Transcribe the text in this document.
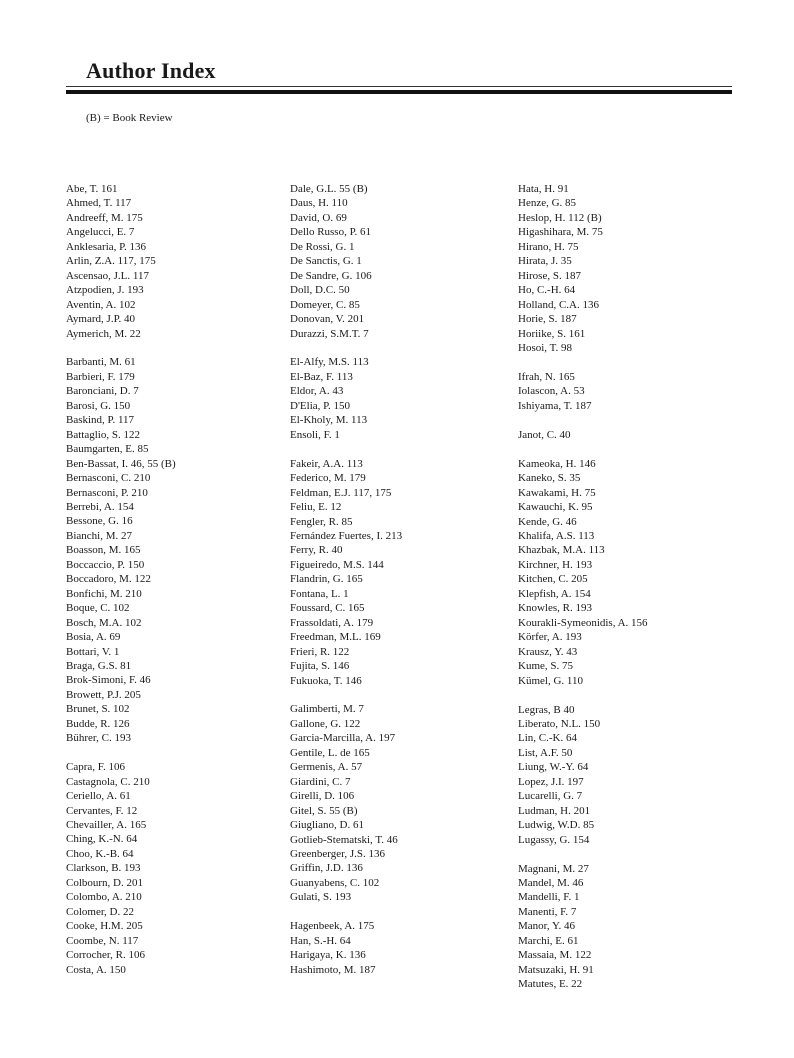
Author Index
(B) = Book Review
Abe, T. 161
Ahmed, T. 117
Andreeff, M. 175
Angelucci, E. 7
Anklesaria, P. 136
Arlin, Z.A. 117, 175
Ascensao, J.L. 117
Atzpodien, J. 193
Aventin, A. 102
Aymard, J.P. 40
Aymerich, M. 22
Barbanti, M. 61
Barbieri, F. 179
Baronciani, D. 7
Barosi, G. 150
Baskind, P. 117
Battaglio, S. 122
Baumgarten, E. 85
Ben-Bassat, I. 46, 55 (B)
Bernasconi, C. 210
Bernasconi, P. 210
Berrebi, A. 154
Bessone, G. 16
Bianchi, M. 27
Boasson, M. 165
Boccaccio, P. 150
Boccadoro, M. 122
Bonfichi, M. 210
Boque, C. 102
Bosch, M.A. 102
Bosia, A. 69
Bottari, V. 1
Braga, G.S. 81
Brok-Simoni, F. 46
Browett, P.J. 205
Brunet, S. 102
Budde, R. 126
Bührer, C. 193
Capra, F. 106
Castagnola, C. 210
Ceriello, A. 61
Cervantes, F. 12
Chevailler, A. 165
Ching, K.-N. 64
Choo, K.-B. 64
Clarkson, B. 193
Colbourn, D. 201
Colombo, A. 210
Colomer, D. 22
Cooke, H.M. 205
Coombe, N. 117
Corrocher, R. 106
Costa, A. 150
Dale, G.L. 55 (B)
Daus, H. 110
David, O. 69
Dello Russo, P. 61
De Rossi, G. 1
De Sanctis, G. 1
De Sandre, G. 106
Doll, D.C. 50
Domeyer, C. 85
Donovan, V. 201
Durazzi, S.M.T. 7
El-Alfy, M.S. 113
El-Baz, F. 113
Eldor, A. 43
D'Elia, P. 150
El-Kholy, M. 113
Ensoli, F. 1
Fakeir, A.A. 113
Federico, M. 179
Feldman, E.J. 117, 175
Feliu, E. 12
Fengler, R. 85
Fernández Fuertes, I. 213
Ferry, R. 40
Figueiredo, M.S. 144
Flandrin, G. 165
Fontana, L. 1
Foussard, C. 165
Frassoldati, A. 179
Freedman, M.L. 169
Frieri, R. 122
Fujita, S. 146
Fukuoka, T. 146
Galimberti, M. 7
Gallone, G. 122
Garcia-Marcilla, A. 197
Gentile, L. de 165
Germenis, A. 57
Giardini, C. 7
Girelli, D. 106
Gitel, S. 55 (B)
Giugliano, D. 61
Gotlieb-Stematski, T. 46
Greenberger, J.S. 136
Griffin, J.D. 136
Guanyabens, C. 102
Gulati, S. 193
Hagenbeek, A. 175
Han, S.-H. 64
Harigaya, K. 136
Hashimoto, M. 187
Hata, H. 91
Henze, G. 85
Heslop, H. 112 (B)
Higashihara, M. 75
Hirano, H. 75
Hirata, J. 35
Hirose, S. 187
Ho, C.-H. 64
Holland, C.A. 136
Horie, S. 187
Horiike, S. 161
Hosoi, T. 98
Ifrah, N. 165
Iolascon, A. 53
Ishiyama, T. 187
Janot, C. 40
Kameoka, H. 146
Kaneko, S. 35
Kawakami, H. 75
Kawauchi, K. 95
Kende, G. 46
Khalifa, A.S. 113
Khazbak, M.A. 113
Kirchner, H. 193
Kitchen, C. 205
Klepfish, A. 154
Knowles, R. 193
Kourakli-Symeonidis, A. 156
Körfer, A. 193
Krausz, Y. 43
Kume, S. 75
Kümel, G. 110
Legras, B 40
Liberato, N.L. 150
Lin, C.-K. 64
List, A.F. 50
Liung, W.-Y. 64
Lopez, J.I. 197
Lucarelli, G. 7
Ludman, H. 201
Ludwig, W.D. 85
Lugassy, G. 154
Magnani, M. 27
Mandel, M. 46
Mandelli, F. 1
Manenti, F. 7
Manor, Y. 46
Marchi, E. 61
Massaia, M. 122
Matsuzaki, H. 91
Matutes, E. 22
